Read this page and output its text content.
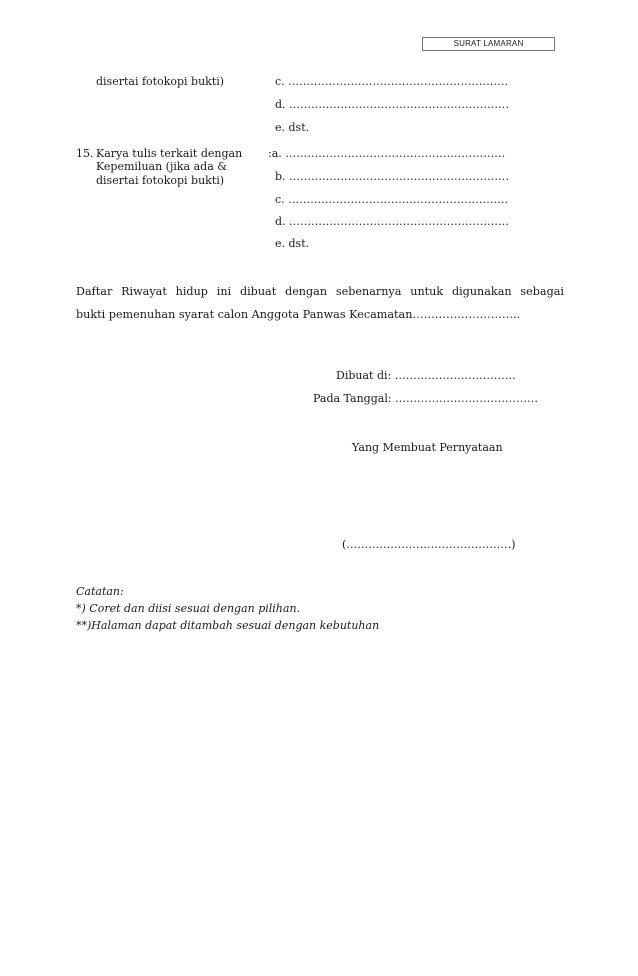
SURAT LAMARAN
disertai fotokopi bukti)	c. ……………………………………………………
d. ……………………………………………………
e. dst.
15. Karya tulis terkait dengan
Kepemiluan (jika ada &
disertai fotokopi bukti)
:a. ……………………………………………………
b. ……………………………………………………
c. ……………………………………………………
d. ……………………………………………………
e. dst.
Daftar Riwayat hidup ini dibuat dengan sebenarnya untuk digunakan sebagai
bukti pemenuhan syarat calon Anggota Panwas Kecamatan………………………..
Dibuat di: ……………………………
Pada Tanggal: …………………………………
Yang Membuat Pernyataan
(………………………………………)
Catatan:
*) Coret dan diisi sesuai dengan pilihan.
**)Halaman dapat ditambah sesuai dengan kebutuhan
